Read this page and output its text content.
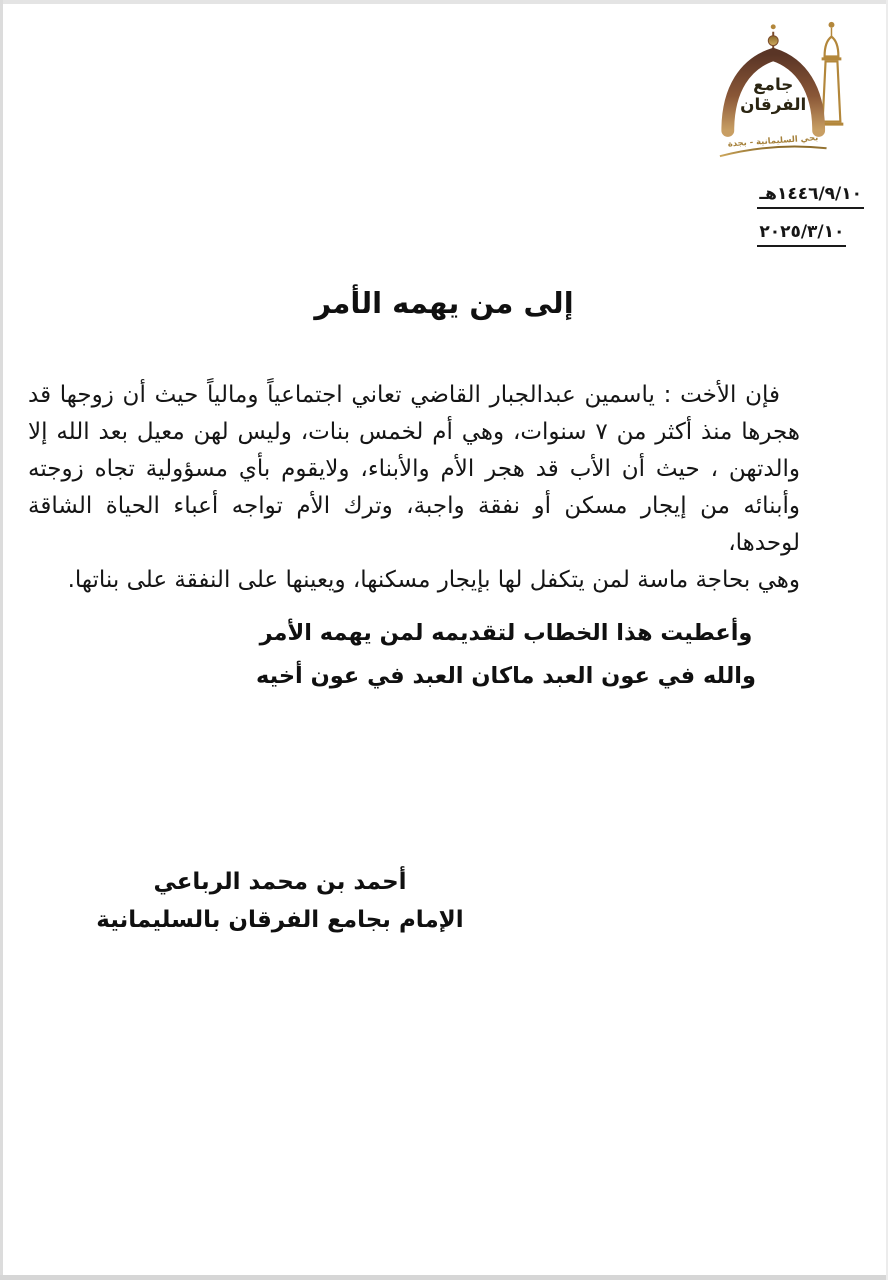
جامع
الفرقان
بحي السليمانية - بجدة
١٤٤٦/٩/١٠هـ
٢٠٢٥/٣/١٠
إلى من يهمه الأمر
فإن الأخت : ياسمين عبدالجبار القاضي تعاني اجتماعياً ومالياً حيث أن زوجها قد
هجرها منذ أكثر من ٧ سنوات، وهي أم لخمس بنات، وليس لهن معيل بعد الله إلا
والدتهن ، حيث أن الأب قد هجر الأم والأبناء، ولايقوم بأي مسؤولية تجاه زوجته
وأبنائه من إيجار مسكن أو نفقة واجبة، وترك الأم تواجه أعباء الحياة الشاقة لوحدها،
وهي بحاجة ماسة لمن يتكفل لها بإيجار مسكنها، ويعينها على النفقة على بناتها.
وأعطيت هذا الخطاب لتقديمه لمن يهمه الأمر
والله في عون العبد ماكان العبد في عون أخيه
أحمد بن محمد الرباعي
الإمام بجامع الفرقان بالسليمانية
